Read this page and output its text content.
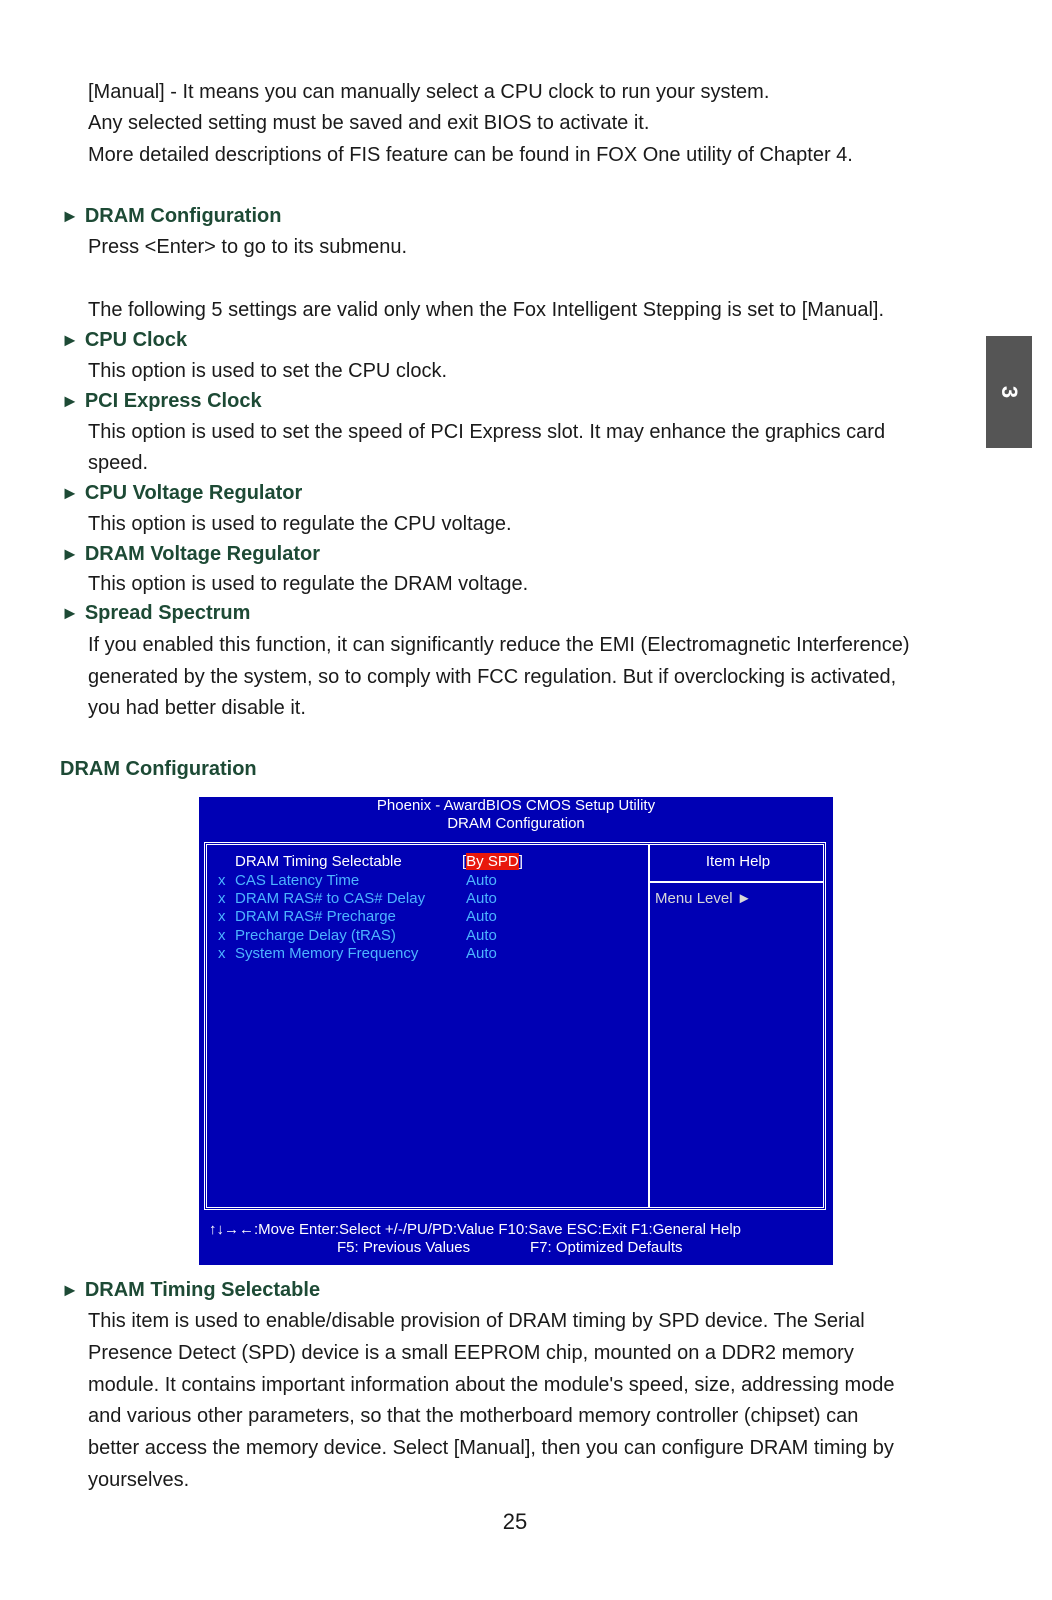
[Manual] - It means you can manually select a CPU clock to run your system.
Any selected setting must be saved and exit BIOS to activate it.
More detailed descriptions of FIS feature can be found in FOX One utility of Chapter 4.
► DRAM Configuration
Press <Enter> to go to its submenu.
The following 5 settings are valid only when the Fox Intelligent Stepping is set to [Manual].
► CPU Clock
This option is used to set the CPU clock.
► PCI Express Clock
This option is used to set the speed of PCI Express slot. It may enhance the graphics card
speed.
► CPU Voltage Regulator
This option is used to regulate the CPU voltage.
► DRAM Voltage Regulator
This option is used to regulate the DRAM voltage.
► Spread Spectrum
If you enabled this function, it can significantly reduce the EMI (Electromagnetic Interference)
generated by the system, so to comply with FCC regulation. But if overclocking is activated,
you had better disable it.
DRAM Configuration
Phoenix - AwardBIOS CMOS Setup Utility
DRAM Configuration
DRAM Timing Selectable	[By SPD]
x CAS Latency Time	Auto
x DRAM RAS# to CAS# Delay	Auto
x DRAM RAS# Precharge	Auto
x Precharge Delay (tRAS)	Auto
x System Memory Frequency	Auto
Item Help
Menu Level ►
↑↓→←:Move Enter:Select +/-/PU/PD:Value F10:Save ESC:Exit F1:General Help
F5: Previous Values	F7: Optimized Defaults
► DRAM Timing Selectable
This item is used to enable/disable provision of DRAM timing by SPD device. The Serial
Presence Detect (SPD) device is a small EEPROM chip, mounted on a DDR2 memory
module. It contains important information about the module's speed, size, addressing mode
and various other parameters, so that the motherboard memory controller (chipset) can
better access the memory device. Select [Manual], then you can configure DRAM timing by
yourselves.
3
25
